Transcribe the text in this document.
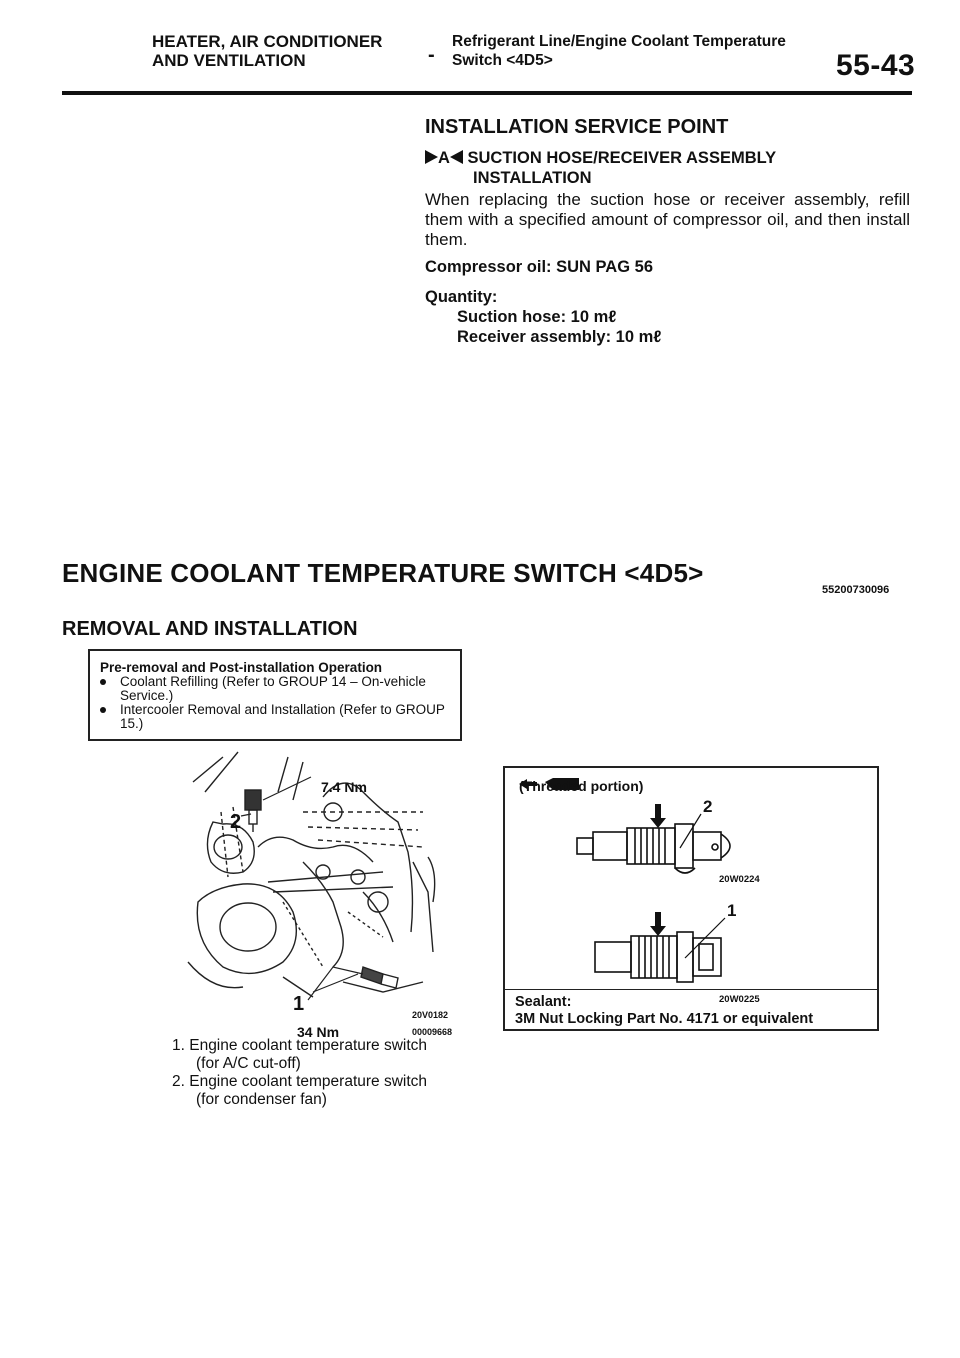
HEATER, AIR CONDITIONER
AND VENTILATION	-
Refrigerant Line/Engine Coolant Temperature
Switch <4D5>	55-43
INSTALLATION SERVICE POINT
A SUCTION HOSE/RECEIVER ASSEMBLY
INSTALLATION
When replacing the suction hose or receiver assembly, refill them with a specified amount of compressor oil, and then install them.
Compressor oil: SUN PAG 56
Quantity:
Suction hose: 10 mℓ
Receiver assembly: 10 mℓ
ENGINE COOLANT TEMPERATURE SWITCH <4D5>
55200730096
REMOVAL AND INSTALLATION
Pre-removal and Post-installation Operation
Coolant Refilling (Refer to GROUP 14 – On-vehicle Service.)
Intercooler Removal and Installation (Refer to GROUP 15.)
7.4 Nm
2
1
34 Nm
20V0182
00009668
1. Engine coolant temperature switch
(for A/C cut-off)
2. Engine coolant temperature switch
(for condenser fan)
2
20W0224
1
20W0225
(Threaded portion)
Sealant:
3M Nut Locking Part No. 4171 or equivalent
